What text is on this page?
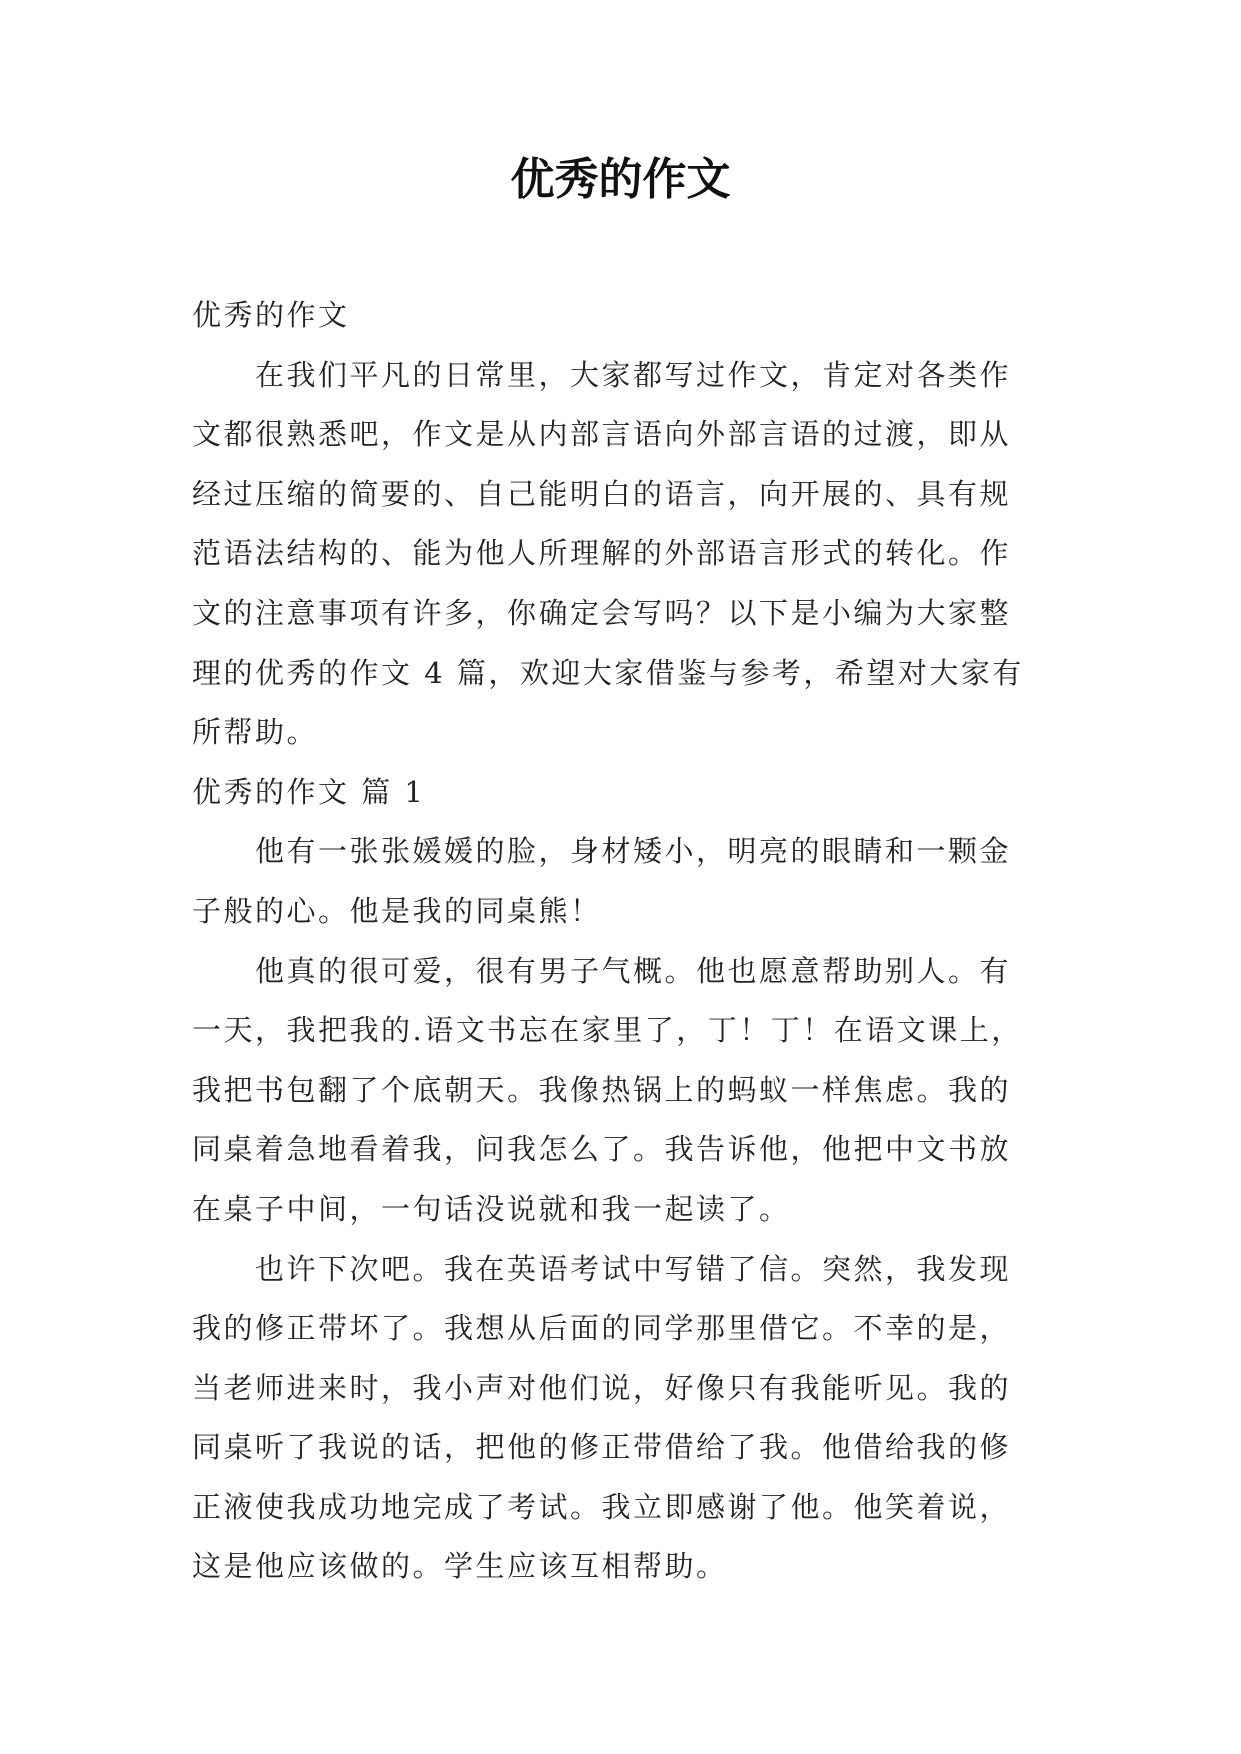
优秀的作文
优秀的作文
在我们平凡的日常里，大家都写过作文，肯定对各类作
文都很熟悉吧，作文是从内部言语向外部言语的过渡，即从
经过压缩的简要的、自己能明白的语言，向开展的、具有规
范语法结构的、能为他人所理解的外部语言形式的转化。作
文的注意事项有许多，你确定会写吗？以下是小编为大家整
理的优秀的作文 4 篇，欢迎大家借鉴与参考，希望对大家有
所帮助。
优秀的作文 篇 1
他有一张张媛媛的脸，身材矮小，明亮的眼睛和一颗金
子般的心。他是我的同桌熊！
他真的很可爱，很有男子气概。他也愿意帮助别人。有
一天，我把我的.语文书忘在家里了，丁！丁！在语文课上，
我把书包翻了个底朝天。我像热锅上的蚂蚁一样焦虑。我的
同桌着急地看着我，问我怎么了。我告诉他，他把中文书放
在桌子中间，一句话没说就和我一起读了。
也许下次吧。我在英语考试中写错了信。突然，我发现
我的修正带坏了。我想从后面的同学那里借它。不幸的是，
当老师进来时，我小声对他们说，好像只有我能听见。我的
同桌听了我说的话，把他的修正带借给了我。他借给我的修
正液使我成功地完成了考试。我立即感谢了他。他笑着说，
这是他应该做的。学生应该互相帮助。
